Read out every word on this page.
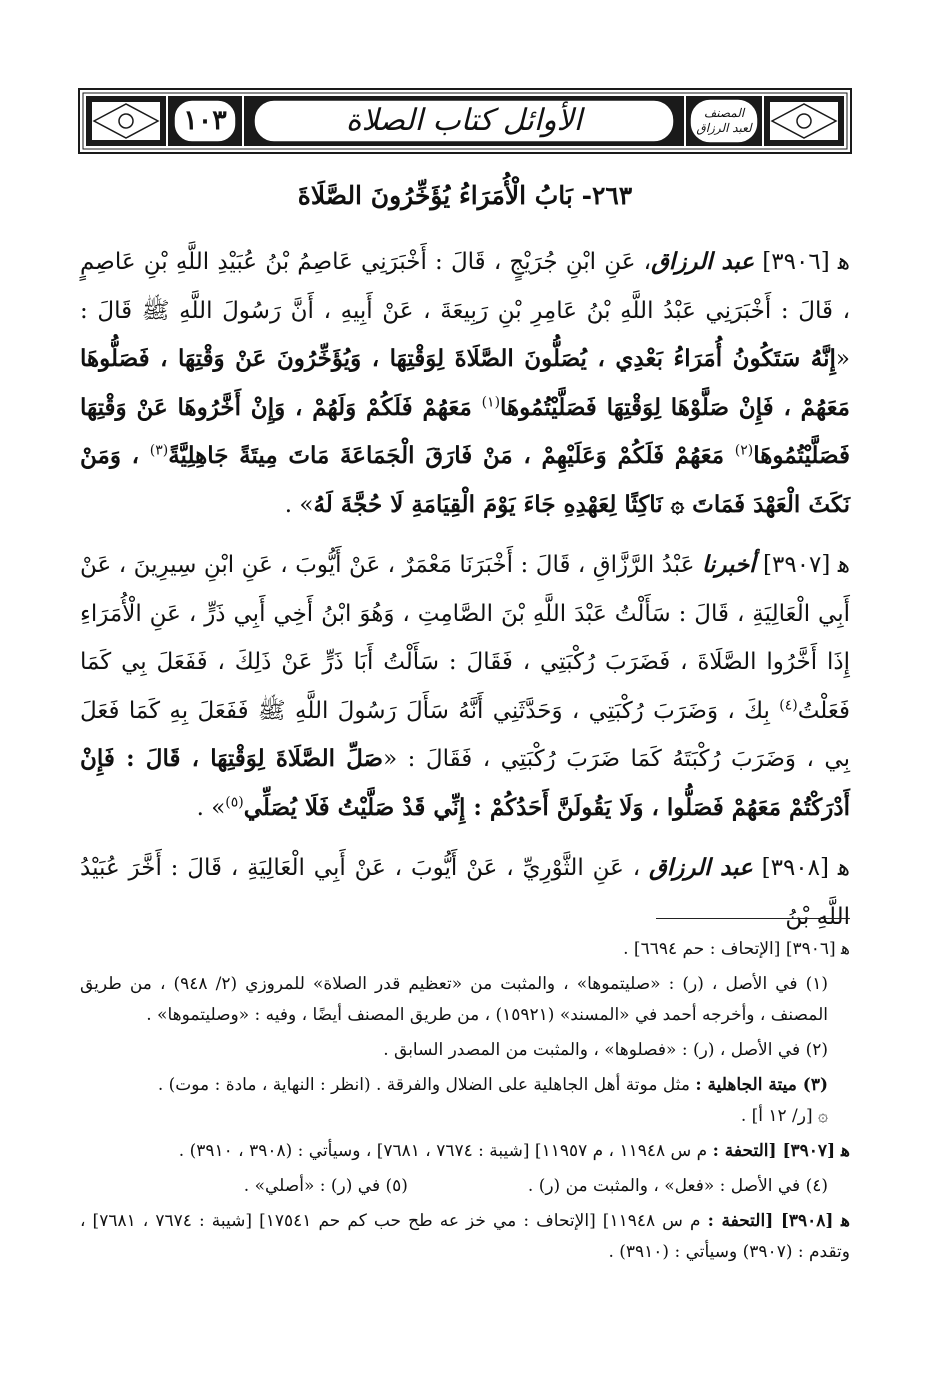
١٠٣	الأوائل كتاب الصلاة	المصنف
لعبد الرزاق
٢٦٣- بَابُ الْأُمَرَاءُ يُؤَخِّرُونَ الصَّلَاةَ

ﻫ [٣٩٠٦] عبد الرزاق، عَنِ ابْنِ جُرَيْجٍ ، قَالَ : أَخْبَرَنِي عَاصِمُ بْنُ عُبَيْدِ اللَّهِ بْنِ عَاصِمٍ ، قَالَ : أَخْبَرَنِي عَبْدُ اللَّهِ بْنُ عَامِرِ بْنِ رَبِيعَةَ ، عَنْ أَبِيهِ ، أَنَّ رَسُولَ اللَّهِ ﷺ قَالَ : «إِنَّهُ سَتَكُونُ أُمَرَاءُ بَعْدِي ، يُصَلُّونَ الصَّلَاةَ لِوَقْتِهَا ، وَيُؤَخِّرُونَ عَنْ وَقْتِهَا ، فَصَلُّوهَا مَعَهُمْ ، فَإِنْ صَلَّوْهَا لِوَقْتِهَا فَصَلَّيْتُمُوهَا$^{(١)}$ مَعَهُمْ فَلَكُمْ وَلَهُمْ ، وَإِنْ أَخَّرُوهَا عَنْ وَقْتِهَا فَصَلَّيْتُمُوهَا$^{(٢)}$ مَعَهُمْ فَلَكُمْ وَعَلَيْهِمْ ، مَنْ فَارَقَ الْجَمَاعَةَ مَاتَ مِيتَةً جَاهِلِيَّةً$^{(٣)}$ ، وَمَنْ نَكَثَ الْعَهْدَ فَمَاتَ ۞ نَاكِثًا لِعَهْدِهِ جَاءَ يَوْمَ الْقِيَامَةِ لَا حُجَّةَ لَهُ» .

ﻫ [٣٩٠٧] أخبرنا عَبْدُ الرَّزَّاقِ ، قَالَ : أَخْبَرَنَا مَعْمَرٌ ، عَنْ أَيُّوبَ ، عَنِ ابْنِ سِيرِينَ ، عَنْ أَبِي الْعَالِيَةِ ، قَالَ : سَأَلْتُ عَبْدَ اللَّهِ بْنَ الصَّامِتِ ، وَهُوَ ابْنُ أَخِي أَبِي ذَرٍّ ، عَنِ الْأُمَرَاءِ إِذَا أَخَّرُوا الصَّلَاةَ ، فَضَرَبَ رُكْبَتِي ، فَقَالَ : سَأَلْتُ أَبَا ذَرٍّ عَنْ ذَلِكَ ، فَفَعَلَ بِي كَمَا فَعَلْتُ$^{(٤)}$ بِكَ ، وَضَرَبَ رُكْبَتِي ، وَحَدَّثَنِي أَنَّهُ سَأَلَ رَسُولَ اللَّهِ ﷺ فَفَعَلَ بِهِ كَمَا فَعَلَ بِي ، وَضَرَبَ رُكْبَتَهُ كَمَا ضَرَبَ رُكْبَتِي ، فَقَالَ : «صَلِّ الصَّلَاةَ لِوَقْتِهَا ، قَالَ : فَإِنْ أَدْرَكْتُمْ مَعَهُمْ فَصَلُّوا ، وَلَا يَقُولَنَّ أَحَدُكُمْ : إِنِّي قَدْ صَلَّيْتُ فَلَا يُصَلِّي$^{(٥)}$» .

ﻫ [٣٩٠٨] عبد الرزاق ، عَنِ الثَّوْرِيِّ ، عَنْ أَيُّوبَ ، عَنْ أَبِي الْعَالِيَةِ ، قَالَ : أَخَّرَ عُبَيْدُ اللَّهِ بْنُ

ﻫ [٣٩٠٦] [الإتحاف : حم ٦٦٩٤] .

(١) في الأصل ، (ر) : «صليتموها» ، والمثبت من «تعظيم قدر الصلاة» للمروزي (٢/ ٩٤٨) ، من طريق المصنف ، وأخرجه أحمد في «المسند» (١٥٩٢١) ، من طريق المصنف أيضًا ، وفيه : «وصليتموها» .

(٢) في الأصل ، (ر) : «فصلوها» ، والمثبت من المصدر السابق .

(٣) ميتة الجاهلية : مثل موتة أهل الجاهلية على الضلال والفرقة . (انظر : النهاية ، مادة : موت) .
۞ [ر/ ١٢ أ] .

ﻫ [٣٩٠٧] [التحفة : م س ١١٩٤٨ ، م ١١٩٥٧] [شيبة : ٧٦٧٤ ، ٧٦٨١] ، وسيأتي : (٣٩٠٨ ، ٣٩١٠) .

(٤) في الأصل : «فعل» ، والمثبت من (ر) .
(٥) في (ر) : «أصلي» .

ﻫ [٣٩٠٨] [التحفة : م س ١١٩٤٨] [الإتحاف : مي خز عه طح حب كم حم ١٧٥٤١] [شيبة : ٧٦٧٤ ، ٧٦٨١] ، وتقدم : (٣٩٠٧) وسيأتي : (٣٩١٠) .
